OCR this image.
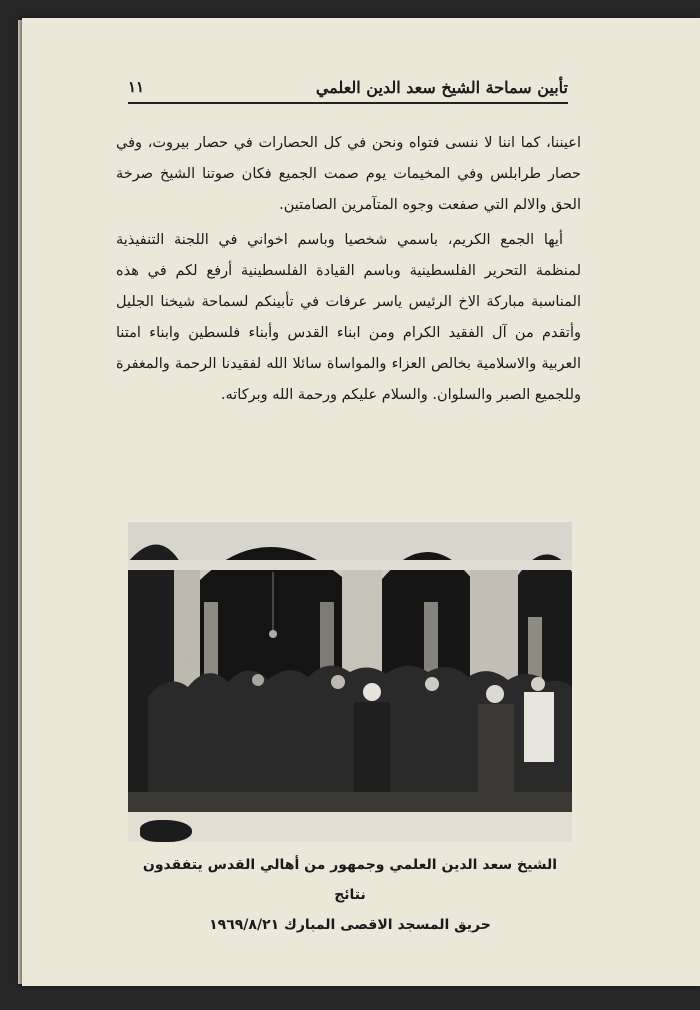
تأبين سماحة الشيخ سعد الدين العلمي
١١

اعيننا، كما اننا لا ننسى فتواه ونحن في كل الحصارات في حصار بيروت، وفي حصار طرابلس وفي المخيمات يوم صمت الجميع فكان صوتنا الشيخ صرخة الحق والالم التي صفعت وجوه المتآمرين الصامتين.

أيها الجمع الكريم، باسمي شخصيا وباسم اخواني في اللجنة التنفيذية لمنظمة التحرير الفلسطينية وباسم القيادة الفلسطينية أرفع لكم في هذه المناسبة مباركة الاخ الرئيس ياسر عرفات في تأبينكم لسماحة شيخنا الجليل وأتقدم من آل الفقيد الكرام ومن ابناء القدس وأبناء فلسطين وابناء امتنا العربية والاسلامية بخالص العزاء والمواساة سائلا الله لفقيدنا الرحمة والمغفرة وللجميع الصبر والسلوان. والسلام عليكم ورحمة الله وبركاته.

الشيخ سعد الدين العلمي وجمهور من أهالي القدس يتفقدون نتائج
حريق المسجد الاقصى المبارك ١٩٦٩/٨/٢١
